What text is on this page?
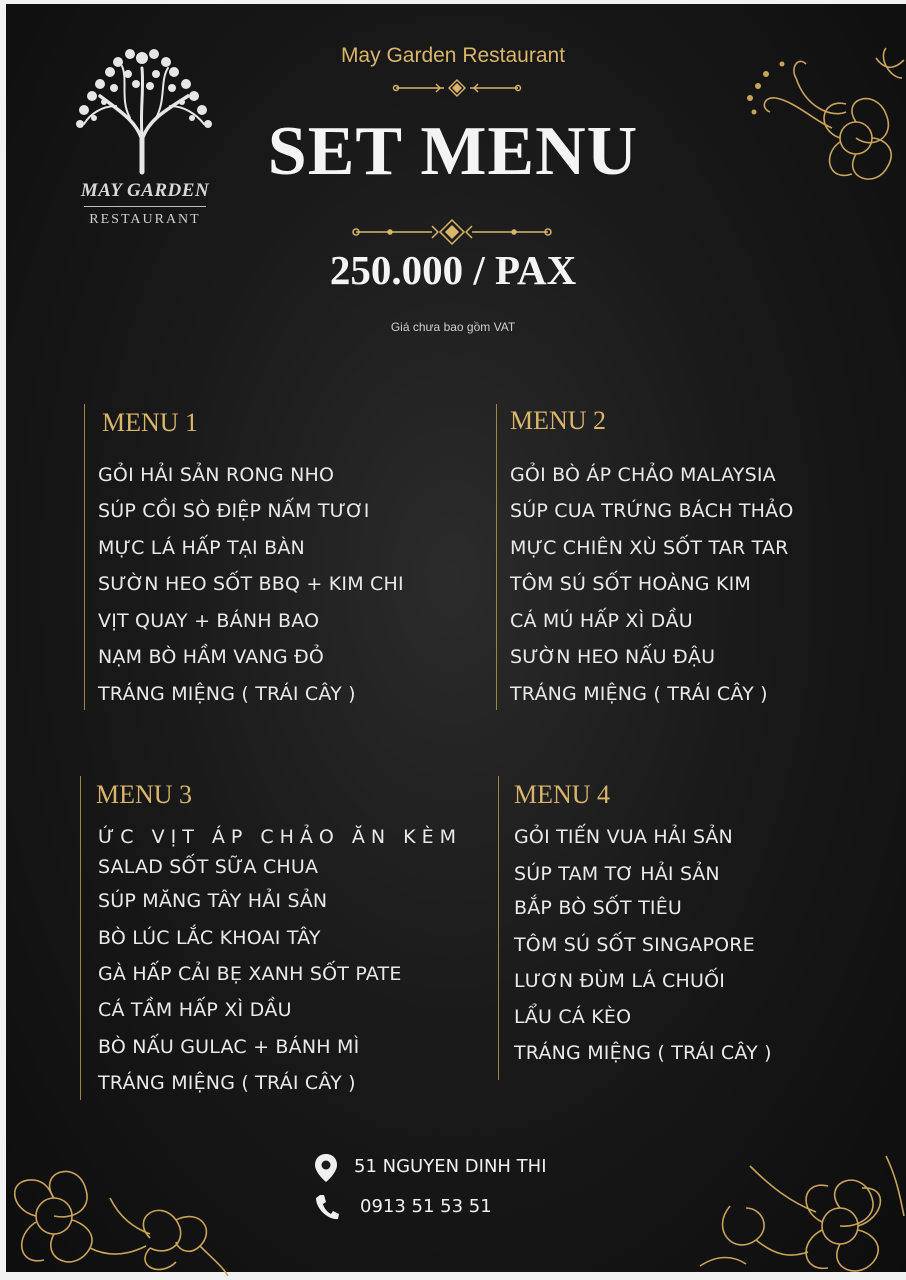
MAY GARDEN
RESTAURANT
May Garden Restaurant
SET MENU
250.000 / PAX
Giá chưa bao gồm VAT
MENU 1
GỎI HẢI SẢN RONG NHO
SÚP CỒI SÒ ĐIỆP NẤM TƯƠI
MỰC LÁ HẤP TẠI BÀN
SƯỜN HEO SỐT BBQ + KIM CHI
VỊT QUAY + BÁNH BAO
NẠM BÒ HẦM VANG ĐỎ
TRÁNG MIỆNG ( TRÁI CÂY )
MENU 2
GỎI BÒ ÁP CHẢO MALAYSIA
SÚP CUA TRỨNG BÁCH THẢO
MỰC CHIÊN XÙ SỐT TAR TAR
TÔM SÚ SỐT HOÀNG KIM
CÁ MÚ HẤP XÌ DẦU
SƯỜN HEO NẤU ĐẬU
TRÁNG MIỆNG ( TRÁI CÂY )
MENU 3
ỨC VỊT ÁP CHẢO ĂN KÈM
SALAD SỐT SỮA CHUA
SÚP MĂNG TÂY HẢI SẢN
BÒ LÚC LẮC KHOAI TÂY
GÀ HẤP CẢI BẸ XANH SỐT PATE
CÁ TẦM HẤP XÌ DẦU
BÒ NẤU GULAC + BÁNH MÌ
TRÁNG MIỆNG ( TRÁI CÂY )
MENU 4
GỎI TIẾN VUA HẢI SẢN
SÚP TAM TƠ HẢI SẢN
BẮP BÒ SỐT TIÊU
TÔM SÚ SỐT SINGAPORE
LƯƠN ĐÙM LÁ CHUỐI
LẨU CÁ KÈO
TRÁNG MIỆNG ( TRÁI CÂY )
51 NGUYEN DINH THI
0913 51 53 51
